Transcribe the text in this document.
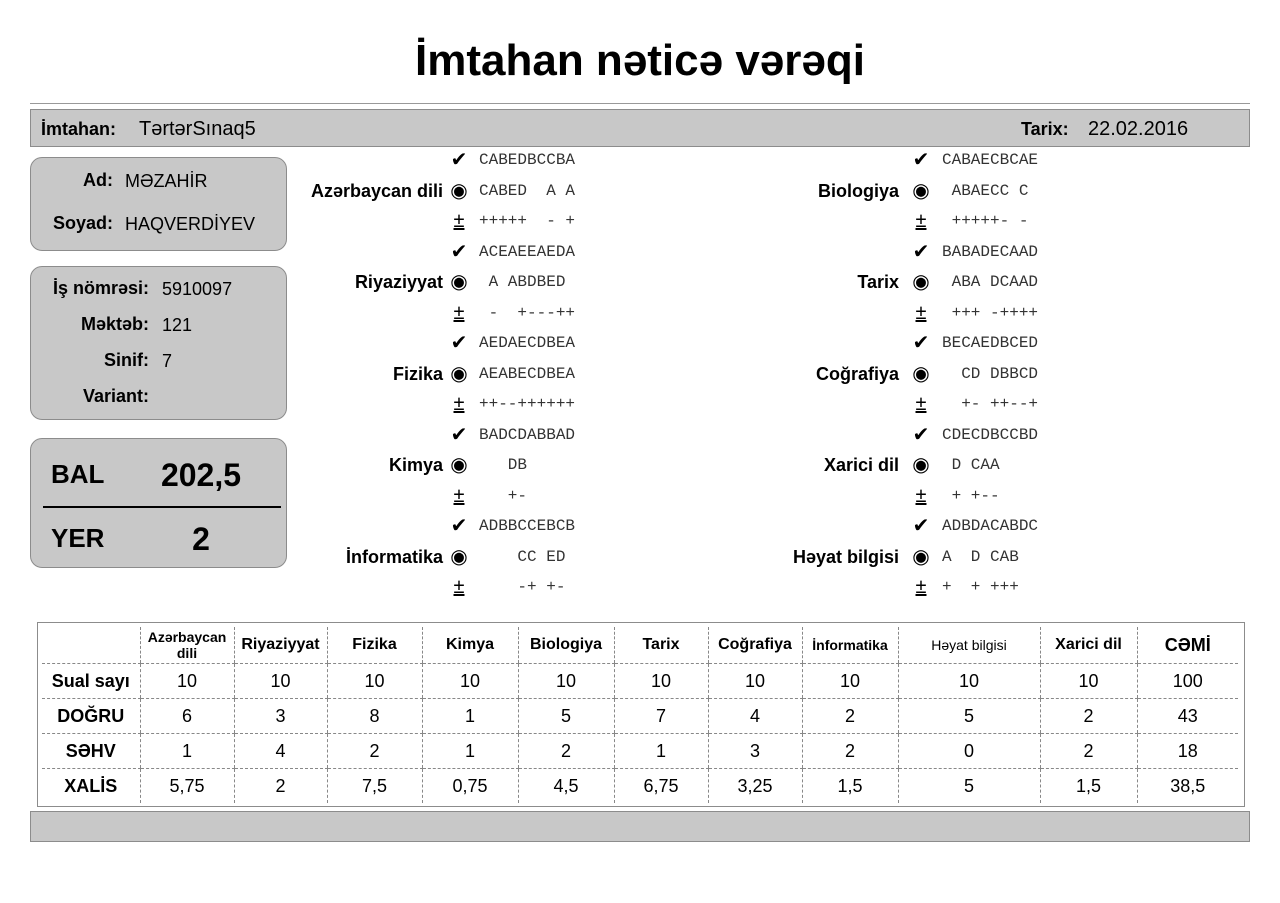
İmtahan nəticə vərəqi
İmtahan: TərtərSınaq5	Tarix: 22.02.2016
Ad: MƏZAHİR
Soyad: HAQVERDİYEV
İş nömrəsi: 5910097
Məktəb: 121
Sinif: 7
Variant:
BAL	202,5
YER	2
✔ CABEDBCCBA
Azərbaycan dili ◉ CABED  A A
± +++++  - +
✔ ACEAEEAEDA
Riyaziyyat ◉ A ABDBED
± -  +---++
✔ AEDAECDBEA
Fizika ◉ AEABECDBEA
± ++--++++++
✔ BADCDABBAD
Kimya ◉ DB
± +-
✔ ADBBCCEBCB
İnformatika ◉ CC ED
± -+ +-
✔ CABAECBCAE
Biologiya ◉ ABAECC C
± +++++- -
✔ BABADECAAD
Tarix ◉ ABA DCAAD
± +++ -++++
✔ BECAEDBCED
Coğrafiya ◉ CD DBBCD
± +- ++--+
✔ CDECDBCCBD
Xarici dil ◉ D CAA
± + +--
✔ ADBDACABDC
Həyat bilgisi ◉ A  D CAB
± +  + +++
	Azərbaycan dili	Riyaziyyat	Fizika	Kimya	Biologiya	Tarix	Coğrafiya	İnformatika	Həyat bilgisi	Xarici dil	CƏMİ
Sual sayı	10	10	10	10	10	10	10	10	10	10	100
DOĞRU	6	3	8	1	5	7	4	2	5	2	43
SƏHV	1	4	2	1	2	1	3	2	0	2	18
XALİS	5,75	2	7,5	0,75	4,5	6,75	3,25	1,5	5	1,5	38,5
